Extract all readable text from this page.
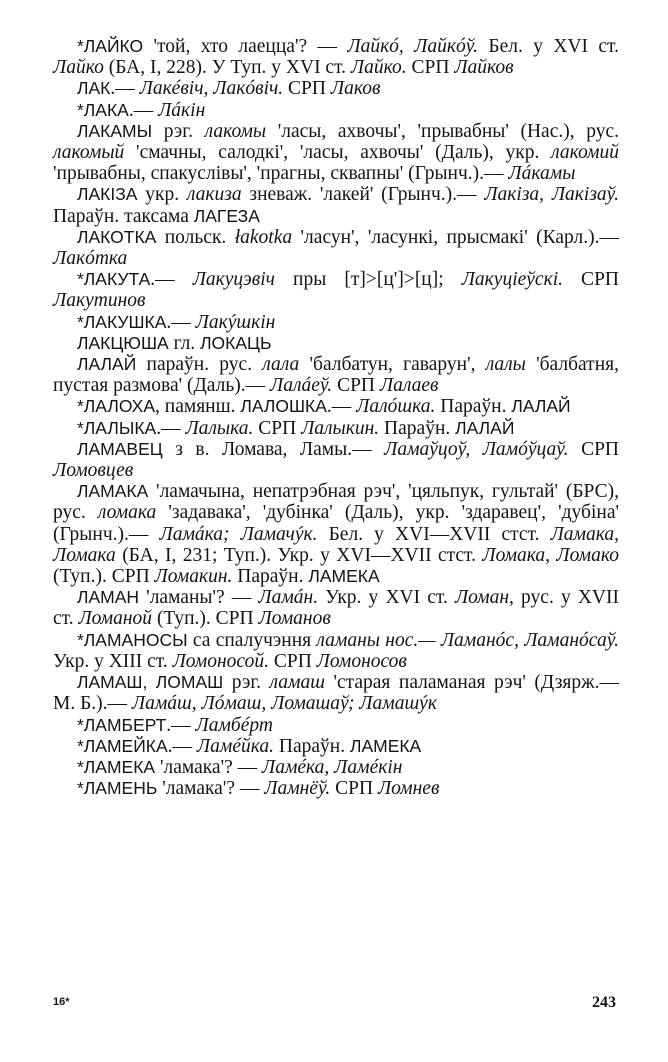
*ЛАЙКО 'той, хто лаецца'? — Лайкó, Лайкóў. Бел. у XVI ст. Лайко (БА, I, 228). У Туп. у XVI ст. Лайко. СРП Лайков

ЛАК.— Лакéвіч, Лакóвіч. СРП Лаков

*ЛАКА.— Лáкін

ЛАКАМЫ рэг. лакомы 'ласы, ахвочы', 'прывабны' (Нас.), рус. лакомый 'смачны, салодкі', 'ласы, ахвочы' (Даль), укр. лакомий 'прывабны, спакуслівы', 'прагны, сквапны' (Грынч.).— Лáкамы

ЛАКІЗА укр. лакиза зневаж. 'лакей' (Грынч.).— Лакіза, Лакізаў. Параўн. таксама ЛАГЕЗА

ЛАКОТКА польск. łakotka 'ласун', 'ласункі, прысмакі' (Карл.).— Лакóтка

*ЛАКУТА.— Лакуцэвіч пры [т]>[ц']>[ц]; Лакуціеўскі. СРП Лакутинов

*ЛАКУШКА.— Лакýшкін

ЛАКЦЮША гл. ЛОКАЦЬ

ЛАЛАЙ параўн. рус. лала 'балбатун, гаварун', лалы 'балбатня, пустая размова' (Даль).— Лалáеў. СРП Лалаев

*ЛАЛОХА, памянш. ЛАЛОШКА.— Лалóшка. Параўн. ЛАЛАЙ

*ЛАЛЫКА.— Лалыка. СРП Лалыкин. Параўн. ЛАЛАЙ

ЛАМАВЕЦ з в. Ломава, Ламы.— Ламаўцоў, Ламóўцаў. СРП Ломовцев

ЛАМАКА 'ламачына, непатрэбная рэч', 'цяльпук, гультай' (БРС), рус. ломака 'задавака', 'дубінка' (Даль), укр. 'здаравец', 'дубіна' (Грынч.).— Ламáка; Ламачýк. Бел. у XVI—XVII стст. Ламака, Ломака (БА, I, 231; Туп.). Укр. у XVI—XVII стст. Ломака, Ломако (Туп.). СРП Ломакин. Параўн. ЛАМЕКА

ЛАМАН 'ламаны'? — Ламáн. Укр. у XVI ст. Ломан, рус. у XVII ст. Ломаной (Туп.). СРП Ломанов

*ЛАМАНОСЫ са спалучэння ламаны нос.— Ламанóс, Ламанóсаў. Укр. у XIII ст. Ломоносой. СРП Ломоносов

ЛАМАШ, ЛОМАШ рэг. ламаш 'старая паламаная рэч' (Дзярж.— М. Б.).— Ламáш, Лóмаш, Ломашаў; Ламашýк

*ЛАМБЕРТ.— Ламбéрт

*ЛАМЕЙКА.— Ламéйка. Параўн. ЛАМЕКА

*ЛАМЕКА 'ламака'? — Ламéка, Ламéкін

*ЛАМЕНЬ 'ламака'? — Ламнёў. СРП Ломнев

16*	243
